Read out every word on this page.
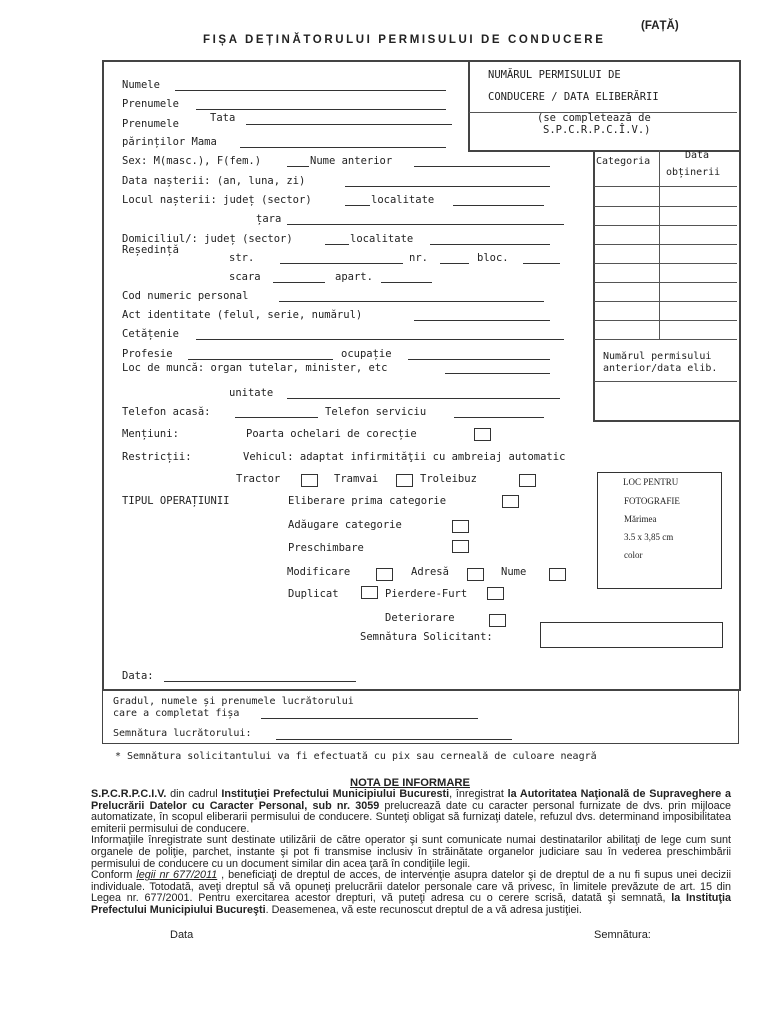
(FAȚĂ)
FIȘA DEȚINĂTORULUI PERMISULUI DE CONDUCERE
NUMĂRUL PERMISULUI DE
CONDUCERE / DATA ELIBERĂRII
(se completează de
S.P.C.R.P.C.Î.V.)
Categoria
Data
obținerii
Numărul permisului
anterior/data elib.
Numele
Prenumele
Tata
Prenumele
părinților Mama
Sex: M(masc.), F(fem.)	Nume anterior
Data nașterii: (an, luna, zi)
Locul nașterii: județ (sector)	localitate
țara
Domiciliul/: județ (sector)	localitate
Reședință
str.	nr.	bloc.
scara	apart.
Cod numeric personal
Act identitate (felul, serie, numărul)
Cetățenie
Profesie	ocupație
Loc de muncă: organ tutelar, minister, etc
unitate
Telefon acasă:	Telefon serviciu
Mențiuni:	Poarta ochelari de corecție
Restricții:	Vehicul: adaptat infirmităţii cu ambreiaj automatic
Tractor	Tramvai	Troleibuz
TIPUL OPERAȚIUNII	Eliberare prima categorie
Adăugare categorie
Preschimbare
Modificare	Adresă	Nume
Duplicat	Pierdere-Furt
Deteriorare
Semnătura Solicitant:
Data:
LOC PENTRU
FOTOGRAFIE
Mărimea
3.5 x 3,85 cm
color
Gradul, numele și prenumele lucrătorului
care a completat fișa
Semnătura lucrătorului:
* Semnătura solicitantului va fi efectuată cu pix sau cerneală de culoare neagră
NOTA DE INFORMARE
S.P.C.R.P.C.I.V. din cadrul Instituţiei Prefectului Municipiului Bucuresti, înregistrat la Autoritatea Naţională de Supraveghere a Prelucrării Datelor cu Caracter Personal, sub nr. 3059 prelucrează date cu caracter personal furnizate de dvs. prin mijloace automatizate, în scopul eliberarii permisului de conducere. Sunteţi obligat să furnizaţi datele, refuzul dvs. determinand imposibilitatea emiterii permisului de conducere.
Informaţiile înregistrate sunt destinate utilizării de către operator şi sunt comunicate numai destinatarilor abilitaţi de lege cum sunt organele de poliţie, parchet, instante şi pot fi transmise inclusiv în străinătate organelor judiciare sau în vederea preschimbării permisului de conducere cu un document similar din acea ţară în condiţiile legii.
Conform legii nr 677/2011 , beneficiaţi de dreptul de acces, de intervenţie asupra datelor şi de dreptul de a nu fi supus unei decizii individuale. Totodată, aveţi dreptul să vă opuneţi prelucrării datelor personale care vă privesc, în limitele prevăzute de art. 15 din Legea nr. 677/2001. Pentru exercitarea acestor drepturi, vă puteţi adresa cu o cerere scrisă, datată şi semnată, la Instituţia Prefectului Municipiului Bucureşti. Deasemenea, vă este recunoscut dreptul de a vă adresa justiţiei.
Data	Semnătura:
